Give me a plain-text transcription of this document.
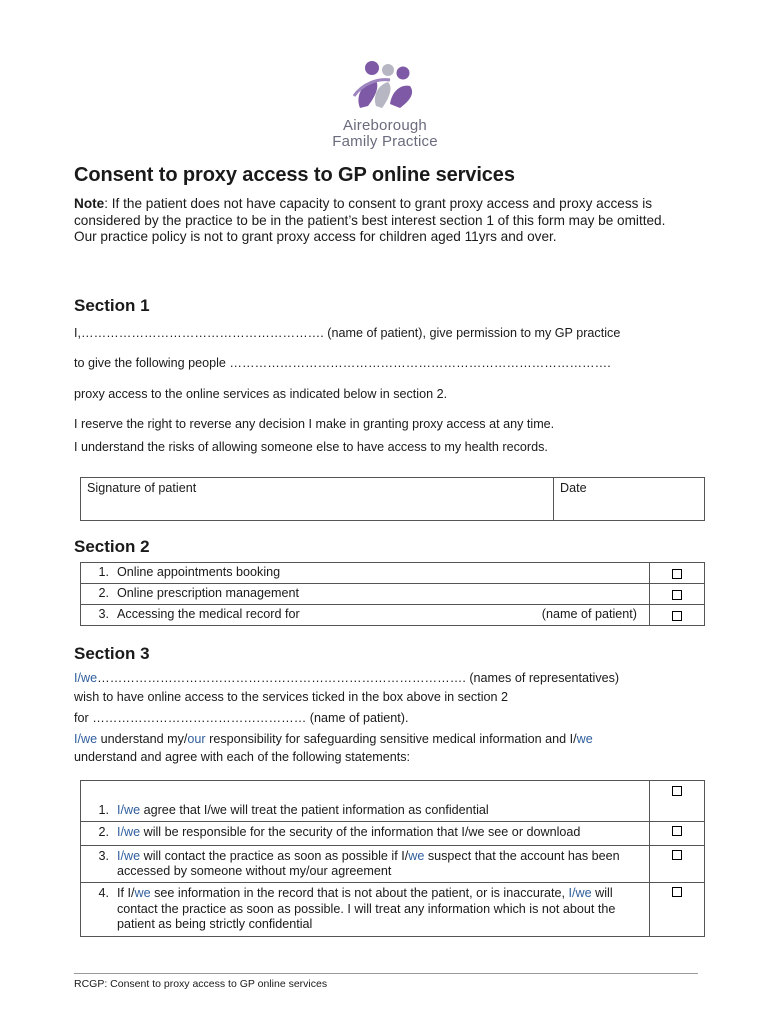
Aireborough
Family Practice
Consent to proxy access to GP online services
Note: If the patient does not have capacity to consent to grant proxy access and proxy access is considered by the practice to be in the patient’s best interest section 1 of this form may be omitted.
Our practice policy is not to grant proxy access for children aged 11yrs and over.
Section 1
I,…………………………………………………. (name of patient), give permission to my GP practice
to give the following people ……………………………………………………………………………….
proxy access to the online services as indicated below in section 2.
I reserve the right to reverse any decision I make in granting proxy access at any time.
I understand the risks of allowing someone else to have access to my health records.
Signature of patient	Date
Section 2
1. Online appointments booking	
2. Online prescription management	
3. Accessing the medical record for (name of patient)	

Section 3
I/we……………………………………………………………………………. (names of representatives)
wish to have online access to the services ticked in the box above in section 2
for …………………………………………… (name of patient).
I/we understand my/our responsibility for safeguarding sensitive medical information and I/we
understand and agree with each of the following statements:
1. I/we agree that I/we will treat the patient information as confidential	
2. I/we will be responsible for the security of the information that I/we see or download	
3. I/we will contact the practice as soon as possible if I/we suspect that the account has been accessed by someone without my/our agreement	
4. If I/we see information in the record that is not about the patient, or is inaccurate, I/we will contact the practice as soon as possible. I will treat any information which is not about the patient as being strictly confidential	
RCGP: Consent to proxy access to GP online services
